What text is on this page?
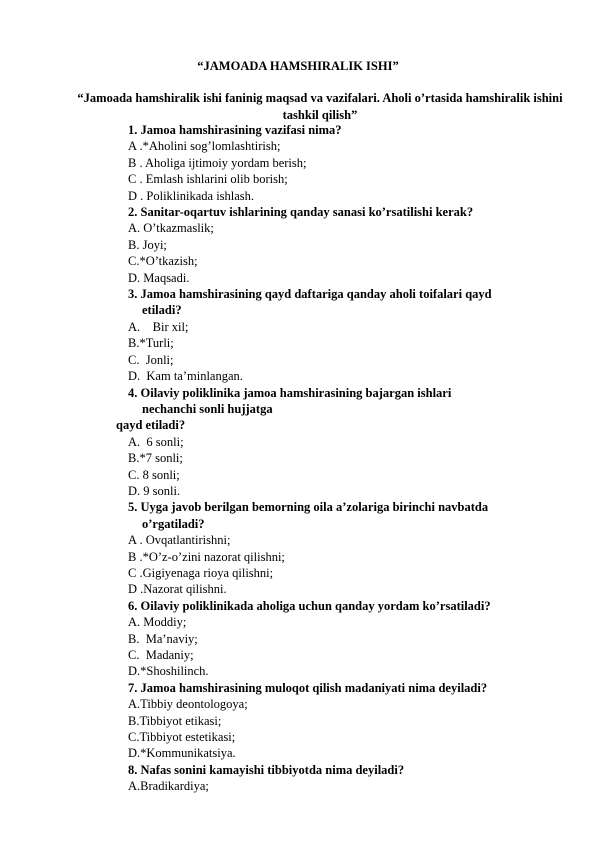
“JAMOADA HAMSHIRALIK ISHI”
“Jamoada hamshiralik ishi faninig maqsad va vazifalari. Aholi o’rtasida hamshiralik ishini tashkil qilish”
1. Jamoa hamshirasining vazifasi nima?
A .*Aholini sog’lomlashtirish;
B . Aholiga ijtimoiy yordam berish;
C . Emlash ishlarini olib borish;
D . Poliklinikada ishlash.
2. Sanitar-oqartuv ishlarining qanday sanasi ko’rsatilishi kerak?
A. O’tkazmaslik;
B. Joyi;
C.*O’tkazish;
D. Maqsadi.
3. Jamoa hamshirasining qayd daftariga qanday aholi toifalari qayd
etiladi?
A.    Bir xil;
B.*Turli;
C.  Jonli;
D.  Kam ta’minlangan.
4. Oilaviy poliklinika jamoa hamshirasining bajargan ishlari
nechanchi sonli hujjatga
qayd etiladi?
A.  6 sonli;
B.*7 sonli;
C. 8 sonli;
D. 9 sonli.
5. Uyga javob berilgan bemorning oila a’zolariga birinchi navbatda
o’rgatiladi?
A . Ovqatlantirishni;
B .*O’z-o’zini nazorat qilishni;
C .Gigiyenaga rioya qilishni;
D .Nazorat qilishni.
6. Oilaviy poliklinikada aholiga uchun qanday yordam ko’rsatiladi?
A. Moddiy;
B.  Ma’naviy;
C.  Madaniy;
D.*Shoshilinch.
7. Jamoa hamshirasining muloqot qilish madaniyati nima deyiladi?
A.Tibbiy deontologoya;
B.Tibbiyot etikasi;
C.Tibbiyot estetikasi;
D.*Kommunikatsiya.
8. Nafas sonini kamayishi tibbiyotda nima deyiladi?
A.Bradikardiya;
